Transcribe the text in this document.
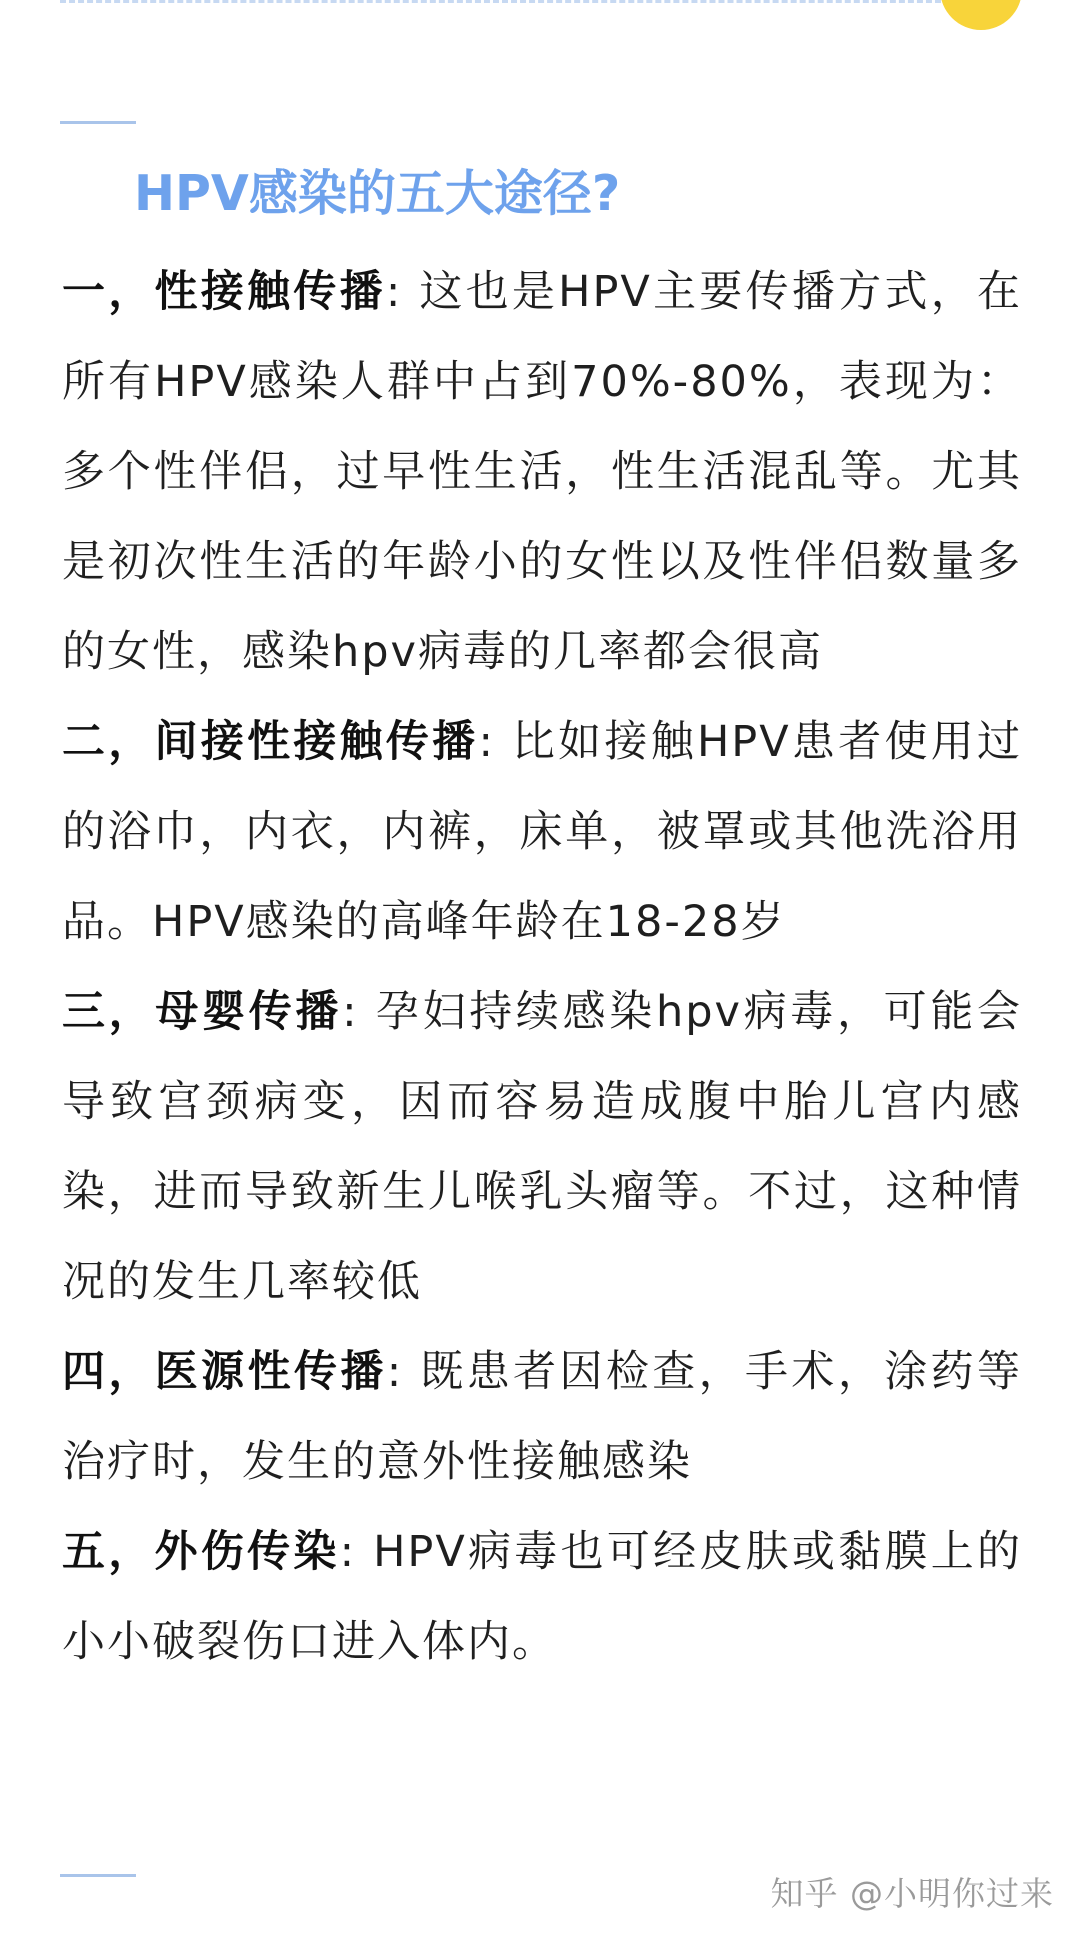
HPV感染的五大途径?

一，性接触传播: 这也是HPV主要传播方式，在所有HPV感染人群中占到70%-80%，表现为：多个性伴侣，过早性生活，性生活混乱等。尤其是初次性生活的年龄小的女性以及性伴侣数量多的女性，感染hpv病毒的几率都会很高

二，间接性接触传播: 比如接触HPV患者使用过的浴巾，内衣，内裤，床单，被罩或其他洗浴用品。HPV感染的高峰年龄在18-28岁

三，母婴传播: 孕妇持续感染hpv病毒，可能会导致宫颈病变，因而容易造成腹中胎儿宫内感染，进而导致新生儿喉乳头瘤等。不过，这种情况的发生几率较低

四，医源性传播: 既患者因检查，手术，涂药等治疗时，发生的意外性接触感染

五，外伤传染: HPV病毒也可经皮肤或黏膜上的小小破裂伤口进入体内。

知乎 @小明你过来
